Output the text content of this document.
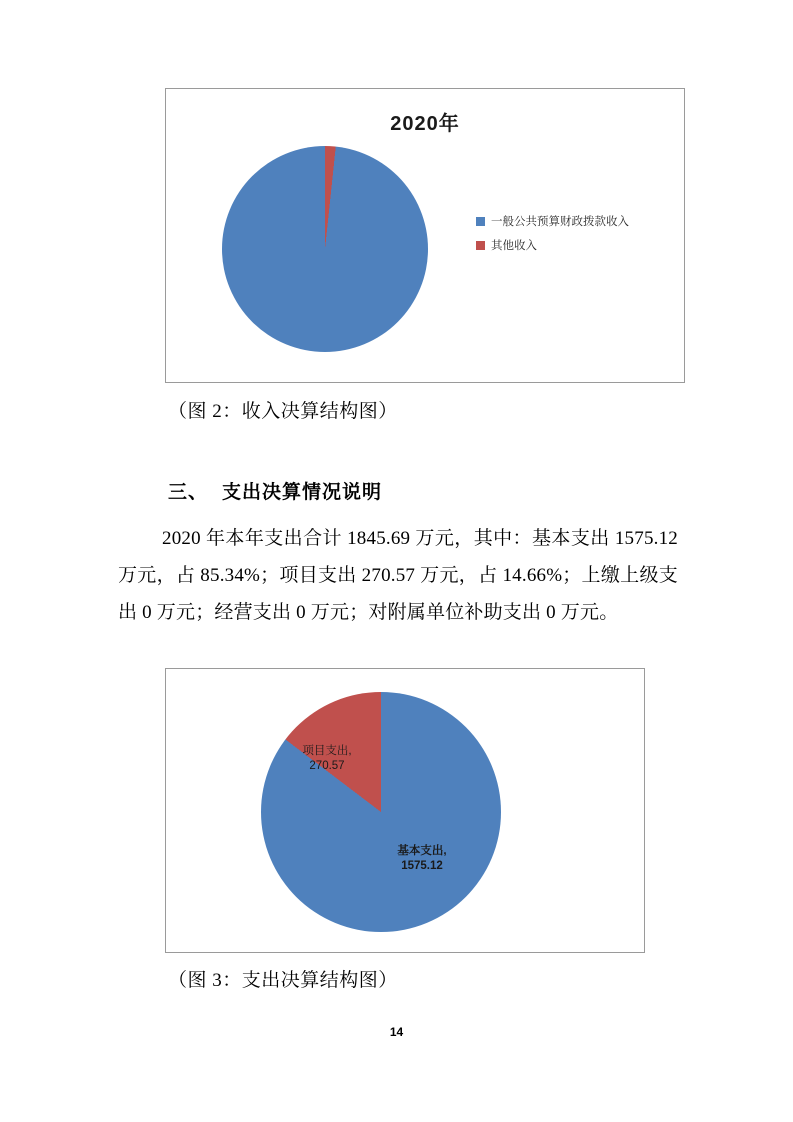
2020年
一般公共预算财政拨款收入
其他收入
（图 2：收入决算结构图）
三、 支出决算情况说明
2020 年本年支出合计 1845.69 万元，其中：基本支出 1575.12 万元，占 85.34%；项目支出 270.57 万元，占 14.66%；上缴上级支出 0 万元；经营支出 0 万元；对附属单位补助支出 0 万元。
项目支出,
270.57
基本支出,
1575.12
（图 3：支出决算结构图）
14
